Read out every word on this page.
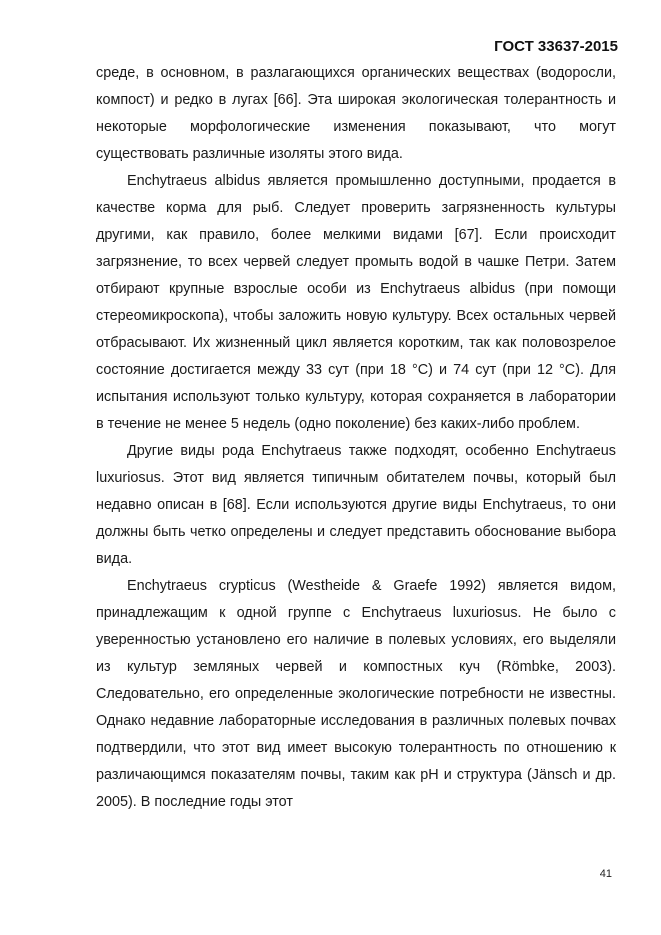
ГОСТ 33637-2015

среде, в основном, в разлагающихся органических веществах (водоросли, компост) и редко в лугах [66]. Эта широкая экологическая толерантность и некоторые морфологические изменения показывают, что могут существовать различные изоляты этого вида.

Enchytraeus albidus является промышленно доступными, продается в качестве корма для рыб. Следует проверить загрязненность культуры другими, как правило, более мелкими видами [67]. Если происходит загрязнение, то всех червей следует промыть водой в чашке Петри. Затем отбирают крупные взрослые особи из Enchytraeus albidus (при помощи стереомикроскопа), чтобы заложить новую культуру. Всех остальных червей отбрасывают. Их жизненный цикл является коротким, так как половозрелое состояние достигается между 33 сут (при 18 °С) и 74 сут (при 12 °С). Для испытания используют только культуру, которая сохраняется в лаборатории в течение не менее 5 недель (одно поколение) без каких-либо проблем.

Другие виды рода Enchytraeus также подходят, особенно Enchytraeus luxuriosus. Этот вид является типичным обитателем почвы, который был недавно описан в [68]. Если используются другие виды Enchytraeus, то они должны быть четко определены и следует представить обоснование выбора вида.

Enchytraeus crypticus (Westheide & Graefe 1992) является видом, принадлежащим к одной группе с Enchytraeus luxuriosus. Не было с уверенностью установлено его наличие в полевых условиях, его выделяли из культур земляных червей и компостных куч (Römbke, 2003). Следовательно, его определенные экологические потребности не известны. Однако недавние лабораторные исследования в различных полевых почвах подтвердили, что этот вид имеет высокую толерантность по отношению к различающимся показателям почвы, таким как pH и структура (Jänsch и др. 2005). В последние годы этот

41
